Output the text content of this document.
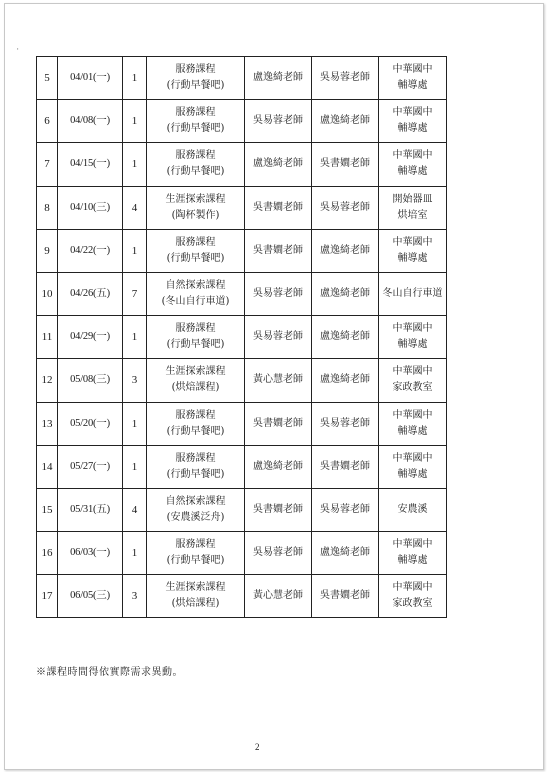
'
5	04/01(一)	1	服務課程
(行動早餐吧)	盧逸綺老師	吳易蓉老師	中華國中
輔導處

6	04/08(一)	1	服務課程
(行動早餐吧)	吳易蓉老師	盧逸綺老師	中華國中
輔導處

7	04/15(一)	1	服務課程
(行動早餐吧)	盧逸綺老師	吳書嫺老師	中華國中
輔導處

8	04/10(三)	4	生涯探索課程
(陶杯製作)	吳書嫺老師	吳易蓉老師	開始器皿
烘培室

9	04/22(一)	1	服務課程
(行動早餐吧)	吳書嫺老師	盧逸綺老師	中華國中
輔導處

10	04/26(五)	7	自然探索課程
(冬山自行車道)	吳易蓉老師	盧逸綺老師	冬山自行車道

11	04/29(一)	1	服務課程
(行動早餐吧)	吳易蓉老師	盧逸綺老師	中華國中
輔導處

12	05/08(三)	3	生涯探索課程
(烘焙課程)	黃心慧老師	盧逸綺老師	中華國中
家政教室

13	05/20(一)	1	服務課程
(行動早餐吧)	吳書嫺老師	吳易蓉老師	中華國中
輔導處

14	05/27(一)	1	服務課程
(行動早餐吧)	盧逸綺老師	吳書嫺老師	中華國中
輔導處

15	05/31(五)	4	自然探索課程
(安農溪泛舟)	吳書嫺老師	吳易蓉老師	安農溪

16	06/03(一)	1	服務課程
(行動早餐吧)	吳易蓉老師	盧逸綺老師	中華國中
輔導處

17	06/05(三)	3	生涯探索課程
(烘焙課程)	黃心慧老師	吳書嫺老師	中華國中
家政教室
※課程時間得依實際需求異動。
2
